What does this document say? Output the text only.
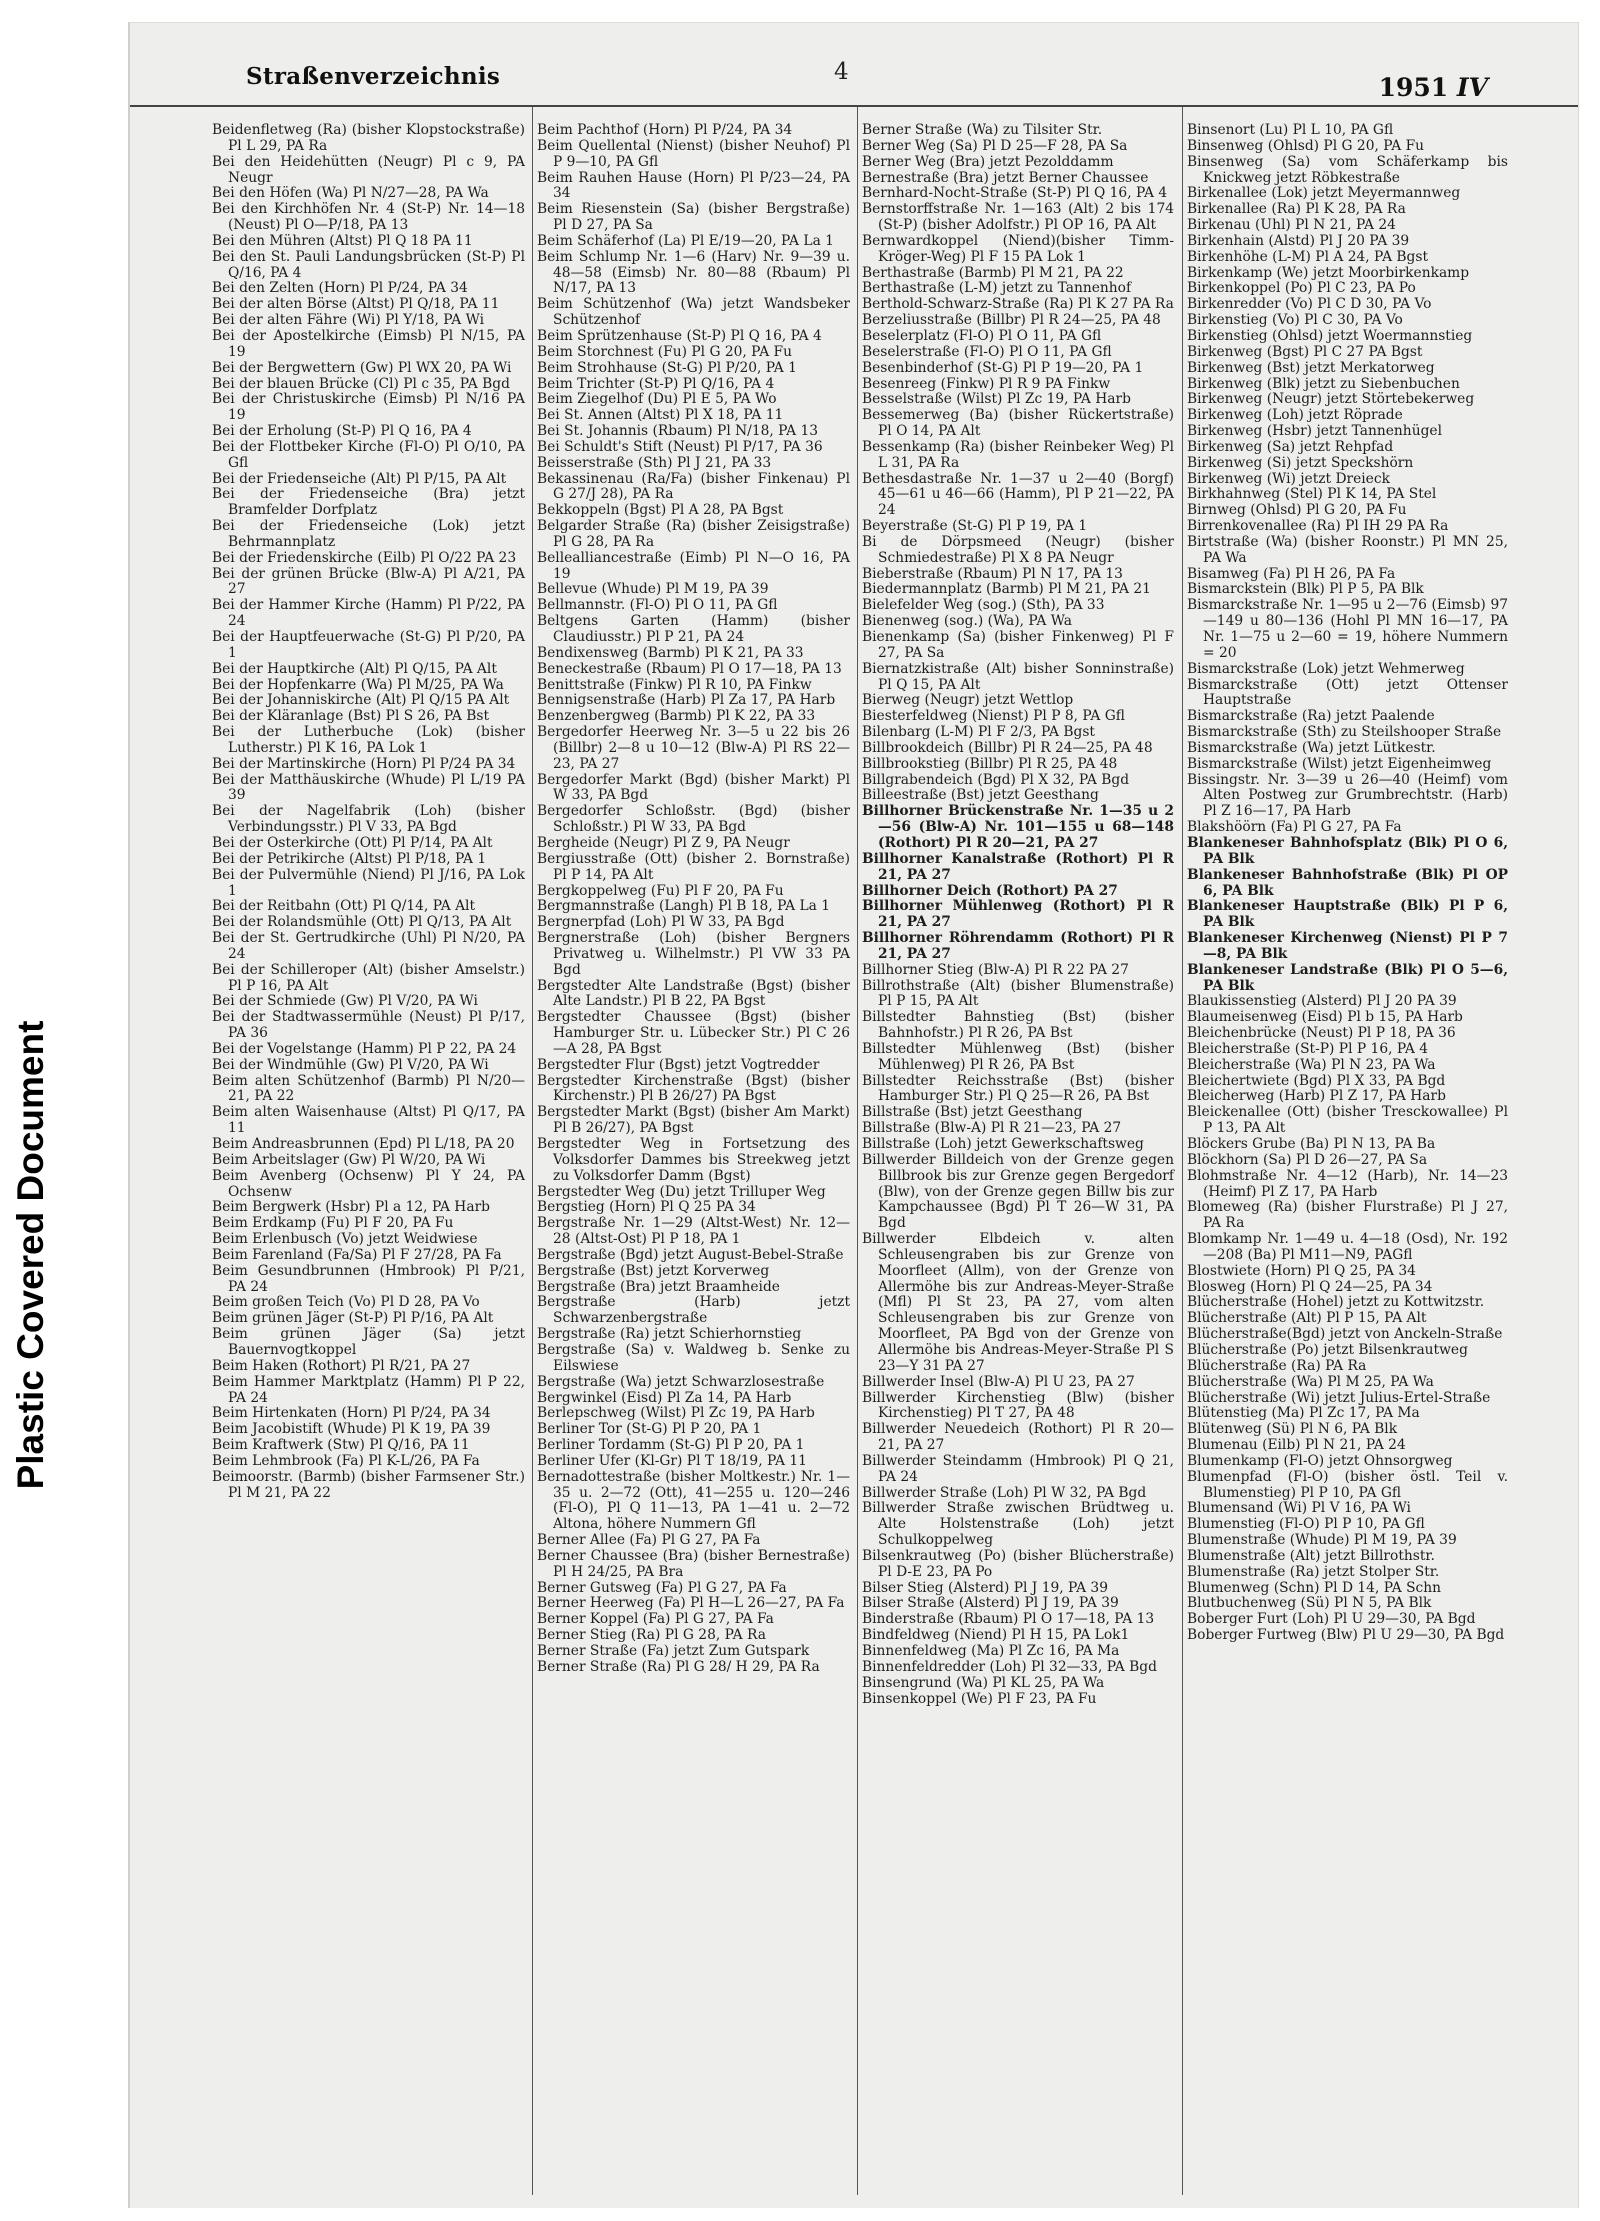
Plastic Covered Document
Straßenverzeichnis	4
1951 IV

Beidenfletweg (Ra) (bisher Klopstockstraße) Pl L 29, PA Ra

Bei den Heidehütten (Neugr) Pl c 9, PA Neugr

Bei den Höfen (Wa) Pl N/27—28, PA Wa

Bei den Kirchhöfen Nr. 4 (St-P) Nr. 14—18 (Neust) Pl O—P/18, PA 13

Bei den Mühren (Altst) Pl Q 18 PA 11

Bei den St. Pauli Landungsbrücken (St-P) Pl Q/16, PA 4

Bei den Zelten (Horn) Pl P/24, PA 34

Bei der alten Börse (Altst) Pl Q/18, PA 11

Bei der alten Fähre (Wi) Pl Y/18, PA Wi

Bei der Apostelkirche (Eimsb) Pl N/15, PA 19

Bei der Bergwettern (Gw) Pl WX 20, PA Wi

Bei der blauen Brücke (Cl) Pl c 35, PA Bgd

Bei der Christuskirche (Eimsb) Pl N/16 PA 19

Bei der Erholung (St-P) Pl Q 16, PA 4

Bei der Flottbeker Kirche (Fl-O) Pl O/10, PA Gfl

Bei der Friedenseiche (Alt) Pl P/15, PA Alt

Bei der Friedenseiche (Bra) jetzt Bramfelder Dorfplatz

Bei der Friedenseiche (Lok) jetzt Behrmannplatz

Bei der Friedenskirche (Eilb) Pl O/22 PA 23

Bei der grünen Brücke (Blw-A) Pl A/21, PA 27

Bei der Hammer Kirche (Hamm) Pl P/22, PA 24

Bei der Hauptfeuerwache (St-G) Pl P/20, PA 1

Bei der Hauptkirche (Alt) Pl Q/15, PA Alt

Bei der Hopfenkarre (Wa) Pl M/25, PA Wa

Bei der Johanniskirche (Alt) Pl Q/15 PA Alt

Bei der Kläranlage (Bst) Pl S 26, PA Bst

Bei der Lutherbuche (Lok) (bisher Lutherstr.) Pl K 16, PA Lok 1

Bei der Martinskirche (Horn) Pl P/24 PA 34

Bei der Matthäuskirche (Whude) Pl L/19 PA 39

Bei der Nagelfabrik (Loh) (bisher Verbindungsstr.) Pl V 33, PA Bgd

Bei der Osterkirche (Ott) Pl P/14, PA Alt

Bei der Petrikirche (Altst) Pl P/18, PA 1

Bei der Pulvermühle (Niend) Pl J/16, PA Lok 1

Bei der Reitbahn (Ott) Pl Q/14, PA Alt

Bei der Rolandsmühle (Ott) Pl Q/13, PA Alt

Bei der St. Gertrudkirche (Uhl) Pl N/20, PA 24

Bei der Schilleroper (Alt) (bisher Amselstr.) Pl P 16, PA Alt

Bei der Schmiede (Gw) Pl V/20, PA Wi

Bei der Stadtwassermühle (Neust) Pl P/17, PA 36

Bei der Vogelstange (Hamm) Pl P 22, PA 24

Bei der Windmühle (Gw) Pl V/20, PA Wi

Beim alten Schützenhof (Barmb) Pl N/20—21, PA 22

Beim alten Waisenhause (Altst) Pl Q/17, PA 11

Beim Andreasbrunnen (Epd) Pl L/18, PA 20

Beim Arbeitslager (Gw) Pl W/20, PA Wi

Beim Avenberg (Ochsenw) Pl Y 24, PA Ochsenw

Beim Bergwerk (Hsbr) Pl a 12, PA Harb

Beim Erdkamp (Fu) Pl F 20, PA Fu

Beim Erlenbusch (Vo) jetzt Weidwiese

Beim Farenland (Fa/Sa) Pl F 27/28, PA Fa

Beim Gesundbrunnen (Hmbrook) Pl P/21, PA 24

Beim großen Teich (Vo) Pl D 28, PA Vo

Beim grünen Jäger (St-P) Pl P/16, PA Alt

Beim grünen Jäger (Sa) jetzt Bauernvogtkoppel

Beim Haken (Rothort) Pl R/21, PA 27

Beim Hammer Marktplatz (Hamm) Pl P 22, PA 24

Beim Hirtenkaten (Horn) Pl P/24, PA 34

Beim Jacobistift (Whude) Pl K 19, PA 39

Beim Kraftwerk (Stw) Pl Q/16, PA 11

Beim Lehmbrook (Fa) Pl K-L/26, PA Fa

Beimoorstr. (Barmb) (bisher Farmsener Str.) Pl M 21, PA 22

Beim Pachthof (Horn) Pl P/24, PA 34

Beim Quellental (Nienst) (bisher Neuhof) Pl P 9—10, PA Gfl

Beim Rauhen Hause (Horn) Pl P/23—24, PA 34

Beim Riesenstein (Sa) (bisher Bergstraße) Pl D 27, PA Sa

Beim Schäferhof (La) Pl E/19—20, PA La 1

Beim Schlump Nr. 1—6 (Harv) Nr. 9—39 u. 48—58 (Eimsb) Nr. 80—88 (Rbaum) Pl N/17, PA 13

Beim Schützenhof (Wa) jetzt Wandsbeker Schützenhof

Beim Sprützenhause (St-P) Pl Q 16, PA 4

Beim Storchnest (Fu) Pl G 20, PA Fu

Beim Strohhause (St-G) Pl P/20, PA 1

Beim Trichter (St-P) Pl Q/16, PA 4

Beim Ziegelhof (Du) Pl E 5, PA Wo

Bei St. Annen (Altst) Pl X 18, PA 11

Bei St. Johannis (Rbaum) Pl N/18, PA 13

Bei Schuldt's Stift (Neust) Pl P/17, PA 36

Beisserstraße (Sth) Pl J 21, PA 33

Bekassinenau (Ra/Fa) (bisher Finkenau) Pl G 27/J 28), PA Ra

Bekkoppeln (Bgst) Pl A 28, PA Bgst

Belgarder Straße (Ra) (bisher Zeisigstraße) Pl G 28, PA Ra

Bellealliancestraße (Eimb) Pl N—O 16, PA 19

Bellevue (Whude) Pl M 19, PA 39

Bellmannstr. (Fl-O) Pl O 11, PA Gfl

Beltgens Garten (Hamm) (bisher Claudiusstr.) Pl P 21, PA 24

Bendixensweg (Barmb) Pl K 21, PA 33

Beneckestraße (Rbaum) Pl O 17—18, PA 13

Benittstraße (Finkw) Pl R 10, PA Finkw

Bennigsenstraße (Harb) Pl Za 17, PA Harb

Benzenbergweg (Barmb) Pl K 22, PA 33

Bergedorfer Heerweg Nr. 3—5 u 22 bis 26 (Billbr) 2—8 u 10—12 (Blw-A) Pl RS 22—23, PA 27

Bergedorfer Markt (Bgd) (bisher Markt) Pl W 33, PA Bgd

Bergedorfer Schloßstr. (Bgd) (bisher Schloßstr.) Pl W 33, PA Bgd

Bergheide (Neugr) Pl Z 9, PA Neugr

Bergiusstraße (Ott) (bisher 2. Bornstraße) Pl P 14, PA Alt

Bergkoppelweg (Fu) Pl F 20, PA Fu

Bergmannstraße (Langh) Pl B 18, PA La 1

Bergnerpfad (Loh) Pl W 33, PA Bgd

Bergnerstraße (Loh) (bisher Bergners Privatweg u. Wilhelmstr.) Pl VW 33 PA Bgd

Bergstedter Alte Landstraße (Bgst) (bisher Alte Landstr.) Pl B 22, PA Bgst

Bergstedter Chaussee (Bgst) (bisher Hamburger Str. u. Lübecker Str.) Pl C 26—A 28, PA Bgst

Bergstedter Flur (Bgst) jetzt Vogtredder

Bergstedter Kirchenstraße (Bgst) (bisher Kirchenstr.) Pl B 26/27) PA Bgst

Bergstedter Markt (Bgst) (bisher Am Markt) Pl B 26/27), PA Bgst

Bergstedter Weg in Fortsetzung des Volksdorfer Dammes bis Streekweg jetzt zu Volksdorfer Damm (Bgst)

Bergstedter Weg (Du) jetzt Trilluper Weg

Bergstieg (Horn) Pl Q 25 PA 34

Bergstraße Nr. 1—29 (Altst-West) Nr. 12—28 (Altst-Ost) Pl P 18, PA 1

Bergstraße (Bgd) jetzt August-Bebel-Straße

Bergstraße (Bst) jetzt Korverweg

Bergstraße (Bra) jetzt Braamheide

Bergstraße (Harb) jetzt Schwarzenbergstraße

Bergstraße (Ra) jetzt Schierhornstieg

Bergstraße (Sa) v. Waldweg b. Senke zu Eilswiese

Bergstraße (Wa) jetzt Schwarzlosestraße

Bergwinkel (Eisd) Pl Za 14, PA Harb

Berlepschweg (Wilst) Pl Zc 19, PA Harb

Berliner Tor (St-G) Pl P 20, PA 1

Berliner Tordamm (St-G) Pl P 20, PA 1

Berliner Ufer (Kl-Gr) Pl T 18/19, PA 11

Bernadottestraße (bisher Moltkestr.) Nr. 1—35 u. 2—72 (Ott), 41—255 u. 120—246 (Fl-O), Pl Q 11—13, PA 1—41 u. 2—72 Altona, höhere Nummern Gfl

Berner Allee (Fa) Pl G 27, PA Fa

Berner Chaussee (Bra) (bisher Bernestraße) Pl H 24/25, PA Bra

Berner Gutsweg (Fa) Pl G 27, PA Fa

Berner Heerweg (Fa) Pl H—L 26—27, PA Fa

Berner Koppel (Fa) Pl G 27, PA Fa

Berner Stieg (Ra) Pl G 28, PA Ra

Berner Straße (Fa) jetzt Zum Gutspark

Berner Straße (Ra) Pl G 28/ H 29, PA Ra

Berner Straße (Wa) zu Tilsiter Str.

Berner Weg (Sa) Pl D 25—F 28, PA Sa

Berner Weg (Bra) jetzt Pezolddamm

Bernestraße (Bra) jetzt Berner Chaussee

Bernhard-Nocht-Straße (St-P) Pl Q 16, PA 4

Bernstorffstraße Nr. 1—163 (Alt) 2 bis 174 (St-P) (bisher Adolfstr.) Pl OP 16, PA Alt

Bernwardkoppel (Niend)(bisher Timm-Kröger-Weg) Pl F 15 PA Lok 1

Berthastraße (Barmb) Pl M 21, PA 22

Berthastraße (L-M) jetzt zu Tannenhof

Berthold-Schwarz-Straße (Ra) Pl K 27 PA Ra

Berzeliusstraße (Billbr) Pl R 24—25, PA 48

Beselerplatz (Fl-O) Pl O 11, PA Gfl

Beselerstraße (Fl-O) Pl O 11, PA Gfl

Besenbinderhof (St-G) Pl P 19—20, PA 1

Besenreeg (Finkw) Pl R 9 PA Finkw

Besselstraße (Wilst) Pl Zc 19, PA Harb

Bessemerweg (Ba) (bisher Rückertstraße) Pl O 14, PA Alt

Bessenkamp (Ra) (bisher Reinbeker Weg) Pl L 31, PA Ra

Bethesdastraße Nr. 1—37 u 2—40 (Borgf) 45—61 u 46—66 (Hamm), Pl P 21—22, PA 24

Beyerstraße (St-G) Pl P 19, PA 1

Bi de Dörpsmeed (Neugr) (bisher Schmiedestraße) Pl X 8 PA Neugr

Bieberstraße (Rbaum) Pl N 17, PA 13

Biedermannplatz (Barmb) Pl M 21, PA 21

Bielefelder Weg (sog.) (Sth), PA 33

Bienenweg (sog.) (Wa), PA Wa

Bienenkamp (Sa) (bisher Finkenweg) Pl F 27, PA Sa

Biernatzkistraße (Alt) bisher Sonninstraße) Pl Q 15, PA Alt

Bierweg (Neugr) jetzt Wettlop

Biesterfeldweg (Nienst) Pl P 8, PA Gfl

Bilenbarg (L-M) Pl F 2/3, PA Bgst

Billbrookdeich (Billbr) Pl R 24—25, PA 48

Billbrookstieg (Billbr) Pl R 25, PA 48

Billgrabendeich (Bgd) Pl X 32, PA Bgd

Billeestraße (Bst) jetzt Geesthang

Billhorner Brückenstraße Nr. 1—35 u 2—56 (Blw-A) Nr. 101—155 u 68—148 (Rothort) Pl R 20—21, PA 27

Billhorner Kanalstraße (Rothort) Pl R 21, PA 27

Billhorner Deich (Rothort) PA 27

Billhorner Mühlenweg (Rothort) Pl R 21, PA 27

Billhorner Röhrendamm (Rothort) Pl R 21, PA 27

Billhorner Stieg (Blw-A) Pl R 22 PA 27

Billrothstraße (Alt) (bisher Blumenstraße) Pl P 15, PA Alt

Billstedter Bahnstieg (Bst) (bisher Bahnhofstr.) Pl R 26, PA Bst

Billstedter Mühlenweg (Bst) (bisher Mühlenweg) Pl R 26, PA Bst

Billstedter Reichsstraße (Bst) (bisher Hamburger Str.) Pl Q 25—R 26, PA Bst

Billstraße (Bst) jetzt Geesthang

Billstraße (Blw-A) Pl R 21—23, PA 27

Billstraße (Loh) jetzt Gewerkschaftsweg

Billwerder Billdeich von der Grenze gegen Billbrook bis zur Grenze gegen Bergedorf (Blw), von der Grenze gegen Billw bis zur Kampchaussee (Bgd) Pl T 26—W 31, PA Bgd

Billwerder Elbdeich v. alten Schleusengraben bis zur Grenze von Moorfleet (Allm), von der Grenze von Allermöhe bis zur Andreas-Meyer-Straße (Mfl) Pl St 23, PA 27, vom alten Schleusengraben bis zur Grenze von Moorfleet, PA Bgd von der Grenze von Allermöhe bis Andreas-Meyer-Straße Pl S 23—Y 31 PA 27

Billwerder Insel (Blw-A) Pl U 23, PA 27

Billwerder Kirchenstieg (Blw) (bisher Kirchenstieg) Pl T 27, PA 48

Billwerder Neuedeich (Rothort) Pl R 20—21, PA 27

Billwerder Steindamm (Hmbrook) Pl Q 21, PA 24

Billwerder Straße (Loh) Pl W 32, PA Bgd

Billwerder Straße zwischen Brüdtweg u. Alte Holstenstraße (Loh) jetzt Schulkoppelweg

Bilsenkrautweg (Po) (bisher Blücherstraße) Pl D-E 23, PA Po

Bilser Stieg (Alsterd) Pl J 19, PA 39

Bilser Straße (Alsterd) Pl J 19, PA 39

Binderstraße (Rbaum) Pl O 17—18, PA 13

Bindfeldweg (Niend) Pl H 15, PA Lok1

Binnenfeldweg (Ma) Pl Zc 16, PA Ma

Binnenfeldredder (Loh) Pl 32—33, PA Bgd

Binsengrund (Wa) Pl KL 25, PA Wa

Binsenkoppel (We) Pl F 23, PA Fu

Binsenort (Lu) Pl L 10, PA Gfl

Binsenweg (Ohlsd) Pl G 20, PA Fu

Binsenweg (Sa) vom Schäferkamp bis Knickweg jetzt Röbkestraße

Birkenallee (Lok) jetzt Meyermannweg

Birkenallee (Ra) Pl K 28, PA Ra

Birkenau (Uhl) Pl N 21, PA 24

Birkenhain (Alstd) Pl J 20 PA 39

Birkenhöhe (L-M) Pl A 24, PA Bgst

Birkenkamp (We) jetzt Moorbirkenkamp

Birkenkoppel (Po) Pl C 23, PA Po

Birkenredder (Vo) Pl C D 30, PA Vo

Birkenstieg (Vo) Pl C 30, PA Vo

Birkenstieg (Ohlsd) jetzt Woermannstieg

Birkenweg (Bgst) Pl C 27 PA Bgst

Birkenweg (Bst) jetzt Merkatorweg

Birkenweg (Blk) jetzt zu Siebenbuchen

Birkenweg (Neugr) jetzt Störtebekerweg

Birkenweg (Loh) jetzt Röprade

Birkenweg (Hsbr) jetzt Tannenhügel

Birkenweg (Sa) jetzt Rehpfad

Birkenweg (Si) jetzt Speckshörn

Birkenweg (Wi) jetzt Dreieck

Birkhahnweg (Stel) Pl K 14, PA Stel

Birnweg (Ohlsd) Pl G 20, PA Fu

Birrenkovenallee (Ra) Pl IH 29 PA Ra

Birtstraße (Wa) (bisher Roonstr.) Pl MN 25, PA Wa

Bisamweg (Fa) Pl H 26, PA Fa

Bismarckstein (Blk) Pl P 5, PA Blk

Bismarckstraße Nr. 1—95 u 2—76 (Eimsb) 97—149 u 80—136 (Hohl Pl MN 16—17, PA Nr. 1—75 u 2—60 = 19, höhere Nummern = 20

Bismarckstraße (Lok) jetzt Wehmerweg

Bismarckstraße (Ott) jetzt Ottenser Hauptstraße

Bismarckstraße (Ra) jetzt Paalende

Bismarckstraße (Sth) zu Steilshooper Straße

Bismarckstraße (Wa) jetzt Lütkestr.

Bismarckstraße (Wilst) jetzt Eigenheimweg

Bissingstr. Nr. 3—39 u 26—40 (Heimf) vom Alten Postweg zur Grumbrechtstr. (Harb) Pl Z 16—17, PA Harb

Blakshöörn (Fa) Pl G 27, PA Fa

Blankeneser Bahnhofsplatz (Blk) Pl O 6, PA Blk

Blankeneser Bahnhofstraße (Blk) Pl OP 6, PA Blk

Blankeneser Hauptstraße (Blk) Pl P 6, PA Blk

Blankeneser Kirchenweg (Nienst) Pl P 7—8, PA Blk

Blankeneser Landstraße (Blk) Pl O 5—6, PA Blk

Blaukissenstieg (Alsterd) Pl J 20 PA 39

Blaumeisenweg (Eisd) Pl b 15, PA Harb

Bleichenbrücke (Neust) Pl P 18, PA 36

Bleicherstraße (St-P) Pl P 16, PA 4

Bleicherstraße (Wa) Pl N 23, PA Wa

Bleichertwiete (Bgd) Pl X 33, PA Bgd

Bleicherweg (Harb) Pl Z 17, PA Harb

Bleickenallee (Ott) (bisher Tresckowallee) Pl P 13, PA Alt

Blöckers Grube (Ba) Pl N 13, PA Ba

Blöckhorn (Sa) Pl D 26—27, PA Sa

Blohmstraße Nr. 4—12 (Harb), Nr. 14—23 (Heimf) Pl Z 17, PA Harb

Blomeweg (Ra) (bisher Flurstraße) Pl J 27, PA Ra

Blomkamp Nr. 1—49 u. 4—18 (Osd), Nr. 192—208 (Ba) Pl M11—N9, PAGfl

Blostwiete (Horn) Pl Q 25, PA 34

Blosweg (Horn) Pl Q 24—25, PA 34

Blücherstraße (Hohel) jetzt zu Kottwitzstr.

Blücherstraße (Alt) Pl P 15, PA Alt

Blücherstraße(Bgd) jetzt von Anckeln-Straße

Blücherstraße (Po) jetzt Bilsenkrautweg

Blücherstraße (Ra) PA Ra

Blücherstraße (Wa) Pl M 25, PA Wa

Blücherstraße (Wi) jetzt Julius-Ertel-Straße

Blütenstieg (Ma) Pl Zc 17, PA Ma

Blütenweg (Sü) Pl N 6, PA Blk

Blumenau (Eilb) Pl N 21, PA 24

Blumenkamp (Fl-O) jetzt Ohnsorgweg

Blumenpfad (Fl-O) (bisher östl. Teil v. Blumenstieg) Pl P 10, PA Gfl

Blumensand (Wi) Pl V 16, PA Wi

Blumenstieg (Fl-O) Pl P 10, PA Gfl

Blumenstraße (Whude) Pl M 19, PA 39

Blumenstraße (Alt) jetzt Billrothstr.

Blumenstraße (Ra) jetzt Stolper Str.

Blumenweg (Schn) Pl D 14, PA Schn

Blutbuchenweg (Sü) Pl N 5, PA Blk

Boberger Furt (Loh) Pl U 29—30, PA Bgd

Boberger Furtweg (Blw) Pl U 29—30, PA Bgd
